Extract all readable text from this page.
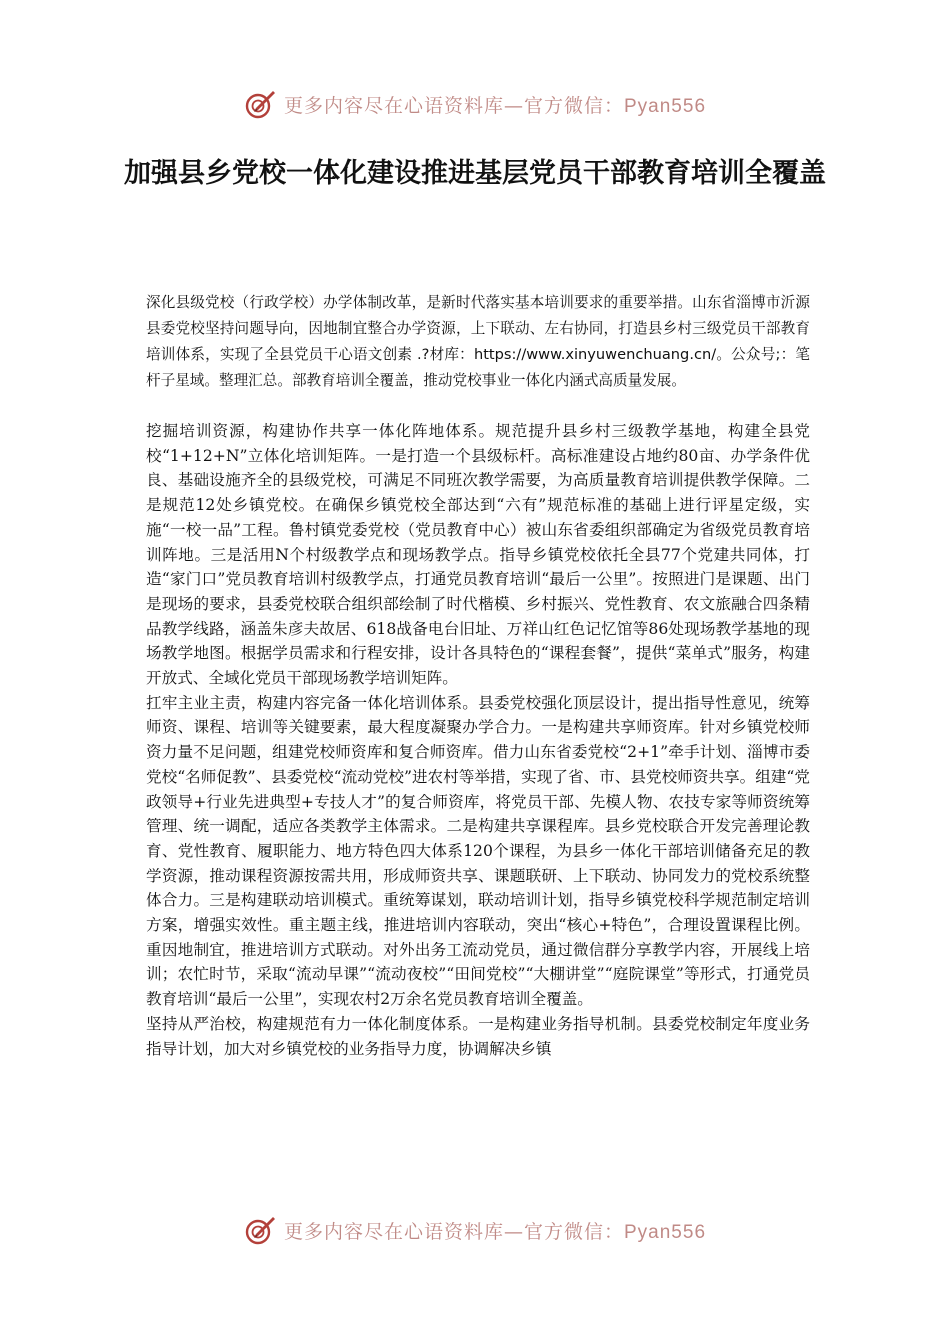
更多内容尽在心语资料库—官方微信：Pyan556
加强县乡党校一体化建设推进基层党员干部教育培训全覆盖

深化县级党校（行政学校）办学体制改革，是新时代落实基本培训要求的重要举措。山东省淄博市沂源县委党校坚持问题导向，因地制宜整合办学资源，上下联动、左右协同，打造县乡村三级党员干部教育培训体系，实现了全县党员干心语文创素 .?材库：https://www.xinyuwenchuang.cn/。公众号;：笔杆子星域。整理汇总。部教育培训全覆盖，推动党校事业一体化内涵式高质量发展。

挖掘培训资源，构建协作共享一体化阵地体系。规范提升县乡村三级教学基地，构建全县党校“1+12+N”立体化培训矩阵。一是打造一个县级标杆。高标准建设占地约80亩、办学条件优良、基础设施齐全的县级党校，可满足不同班次教学需要，为高质量教育培训提供教学保障。二是规范12处乡镇党校。在确保乡镇党校全部达到“六有”规范标准的基础上进行评星定级，实施“一校一品”工程。鲁村镇党委党校（党员教育中心）被山东省委组织部确定为省级党员教育培训阵地。三是活用N个村级教学点和现场教学点。指导乡镇党校依托全县77个党建共同体，打造“家门口”党员教育培训村级教学点，打通党员教育培训“最后一公里”。按照进门是课题、出门是现场的要求，县委党校联合组织部绘制了时代楷模、乡村振兴、党性教育、农文旅融合四条精品教学线路，涵盖朱彦夫故居、618战备电台旧址、万祥山红色记忆馆等86处现场教学基地的现场教学地图。根据学员需求和行程安排，设计各具特色的“课程套餐”，提供“菜单式”服务，构建开放式、全域化党员干部现场教学培训矩阵。

扛牢主业主责，构建内容完备一体化培训体系。县委党校强化顶层设计，提出指导性意见，统筹师资、课程、培训等关键要素，最大程度凝聚办学合力。一是构建共享师资库。针对乡镇党校师资力量不足问题，组建党校师资库和复合师资库。借力山东省委党校“2+1”牵手计划、淄博市委党校“名师促教”、县委党校“流动党校”进农村等举措，实现了省、市、县党校师资共享。组建“党政领导+行业先进典型+专技人才”的复合师资库，将党员干部、先模人物、农技专家等师资统筹管理、统一调配，适应各类教学主体需求。二是构建共享课程库。县乡党校联合开发完善理论教育、党性教育、履职能力、地方特色四大体系120个课程，为县乡一体化干部培训储备充足的教学资源，推动课程资源按需共用，形成师资共享、课题联研、上下联动、协同发力的党校系统整体合力。三是构建联动培训模式。重统筹谋划，联动培训计划，指导乡镇党校科学规范制定培训方案，增强实效性。重主题主线，推进培训内容联动，突出“核心+特色”，合理设置课程比例。重因地制宜，推进培训方式联动。对外出务工流动党员，通过微信群分享教学内容，开展线上培训；农忙时节，采取“流动早课”“流动夜校”“田间党校”“大棚讲堂”“庭院课堂”等形式，打通党员教育培训“最后一公里”，实现农村2万余名党员教育培训全覆盖。

坚持从严治校，构建规范有力一体化制度体系。一是构建业务指导机制。县委党校制定年度业务指导计划，加大对乡镇党校的业务指导力度，协调解决乡镇

更多内容尽在心语资料库—官方微信：Pyan556
